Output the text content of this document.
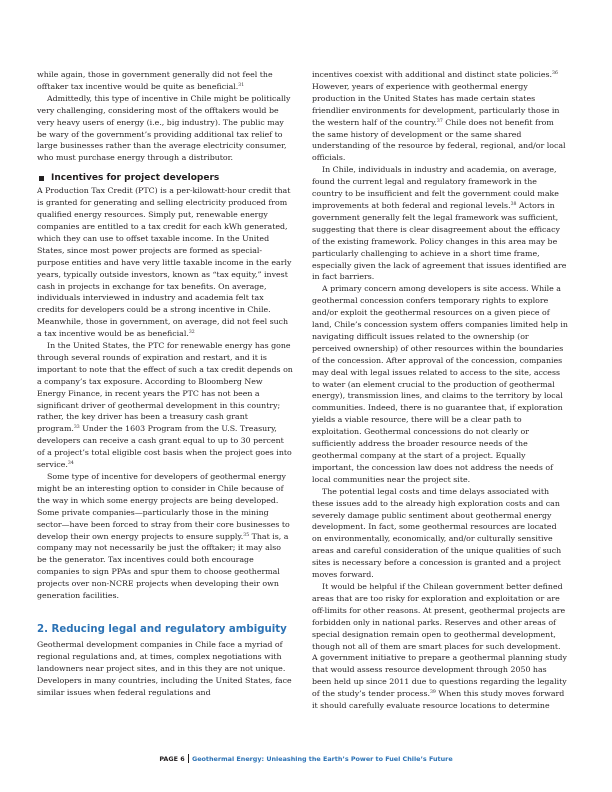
while again, those in government generally did not feel the offtaker tax incentive would be quite as beneficial.$^{31}$

Admittedly, this type of incentive in Chile might be politically very challenging, considering most of the offtakers would be very heavy users of energy (i.e., big industry). The public may be wary of the government’s providing additional tax relief to large businesses rather than the average electricity consumer, who must purchase energy through a distributor.

Incentives for project developers

A Production Tax Credit (PTC) is a per-kilowatt-hour credit that is granted for generating and selling electricity produced from qualified energy resources. Simply put, renewable energy companies are entitled to a tax credit for each kWh generated, which they can use to offset taxable income. In the United States, since most power projects are formed as special-purpose entities and have very little taxable income in the early years, typically outside investors, known as “tax equity,” invest cash in projects in exchange for tax benefits. On average, individuals interviewed in industry and academia felt tax credits for developers could be a strong incentive in Chile. Meanwhile, those in government, on average, did not feel such a tax incentive would be as beneficial.$^{32}$

In the United States, the PTC for renewable energy has gone through several rounds of expiration and restart, and it is important to note that the effect of such a tax credit depends on a company’s tax exposure. According to Bloomberg New Energy Finance, in recent years the PTC has not been a significant driver of geothermal development in this country; rather, the key driver has been a treasury cash grant program.$^{33}$ Under the 1603 Program from the U.S. Treasury, developers can receive a cash grant equal to up to 30 percent of a project’s total eligible cost basis when the project goes into service.$^{34}$

Some type of incentive for developers of geothermal energy might be an interesting option to consider in Chile because of the way in which some energy projects are being developed. Some private companies—particularly those in the mining sector—have been forced to stray from their core businesses to develop their own energy projects to ensure supply.$^{35}$ That is, a company may not necessarily be just the offtaker; it may also be the generator. Tax incentives could both encourage companies to sign PPAs and spur them to choose geothermal projects over non-NCRE projects when developing their own generation facilities.

2. Reducing legal and regulatory ambiguity

Geothermal development companies in Chile face a myriad of regional regulations and, at times, complex negotiations with landowners near project sites, and in this they are not unique. Developers in many countries, including the United States, face similar issues when federal regulations and

incentives coexist with additional and distinct state policies.$^{36}$ However, years of experience with geothermal energy production in the United States has made certain states friendlier environments for development, particularly those in the western half of the country.$^{37}$ Chile does not benefit from the same history of development or the same shared understanding of the resource by federal, regional, and/or local officials.

In Chile, individuals in industry and academia, on average, found the current legal and regulatory framework in the country to be insufficient and felt the government could make improvements at both federal and regional levels.$^{38}$ Actors in government generally felt the legal framework was sufficient, suggesting that there is clear disagreement about the efficacy of the existing framework. Policy changes in this area may be particularly challenging to achieve in a short time frame, especially given the lack of agreement that issues identified are in fact barriers.

A primary concern among developers is site access. While a geothermal concession confers temporary rights to explore and/or exploit the geothermal resources on a given piece of land, Chile’s concession system offers companies limited help in navigating difficult issues related to the ownership (or perceived ownership) of other resources within the boundaries of the concession. After approval of the concession, companies may deal with legal issues related to access to the site, access to water (an element crucial to the production of geothermal energy), transmission lines, and claims to the territory by local communities. Indeed, there is no guarantee that, if exploration yields a viable resource, there will be a clear path to exploitation. Geothermal concessions do not clearly or sufficiently address the broader resource needs of the geothermal company at the start of a project. Equally important, the concession law does not address the needs of local communities near the project site.

The potential legal costs and time delays associated with these issues add to the already high exploration costs and can severely damage public sentiment about geothermal energy development. In fact, some geothermal resources are located on environmentally, economically, and/or culturally sensitive areas and careful consideration of the unique qualities of such sites is necessary before a concession is granted and a project moves forward.

It would be helpful if the Chilean government better defined areas that are too risky for exploration and exploitation or are off-limits for other reasons. At present, geothermal projects are forbidden only in national parks. Reserves and other areas of special designation remain open to geothermal development, though not all of them are smart places for such development. A government initiative to prepare a geothermal planning study that would assess resource development through 2050 has been held up since 2011 due to questions regarding the legality of the study’s tender process.$^{39}$ When this study moves forward it should carefully evaluate resource locations to determine

PAGE 6 Geothermal Energy: Unleashing the Earth’s Power to Fuel Chile’s Future
